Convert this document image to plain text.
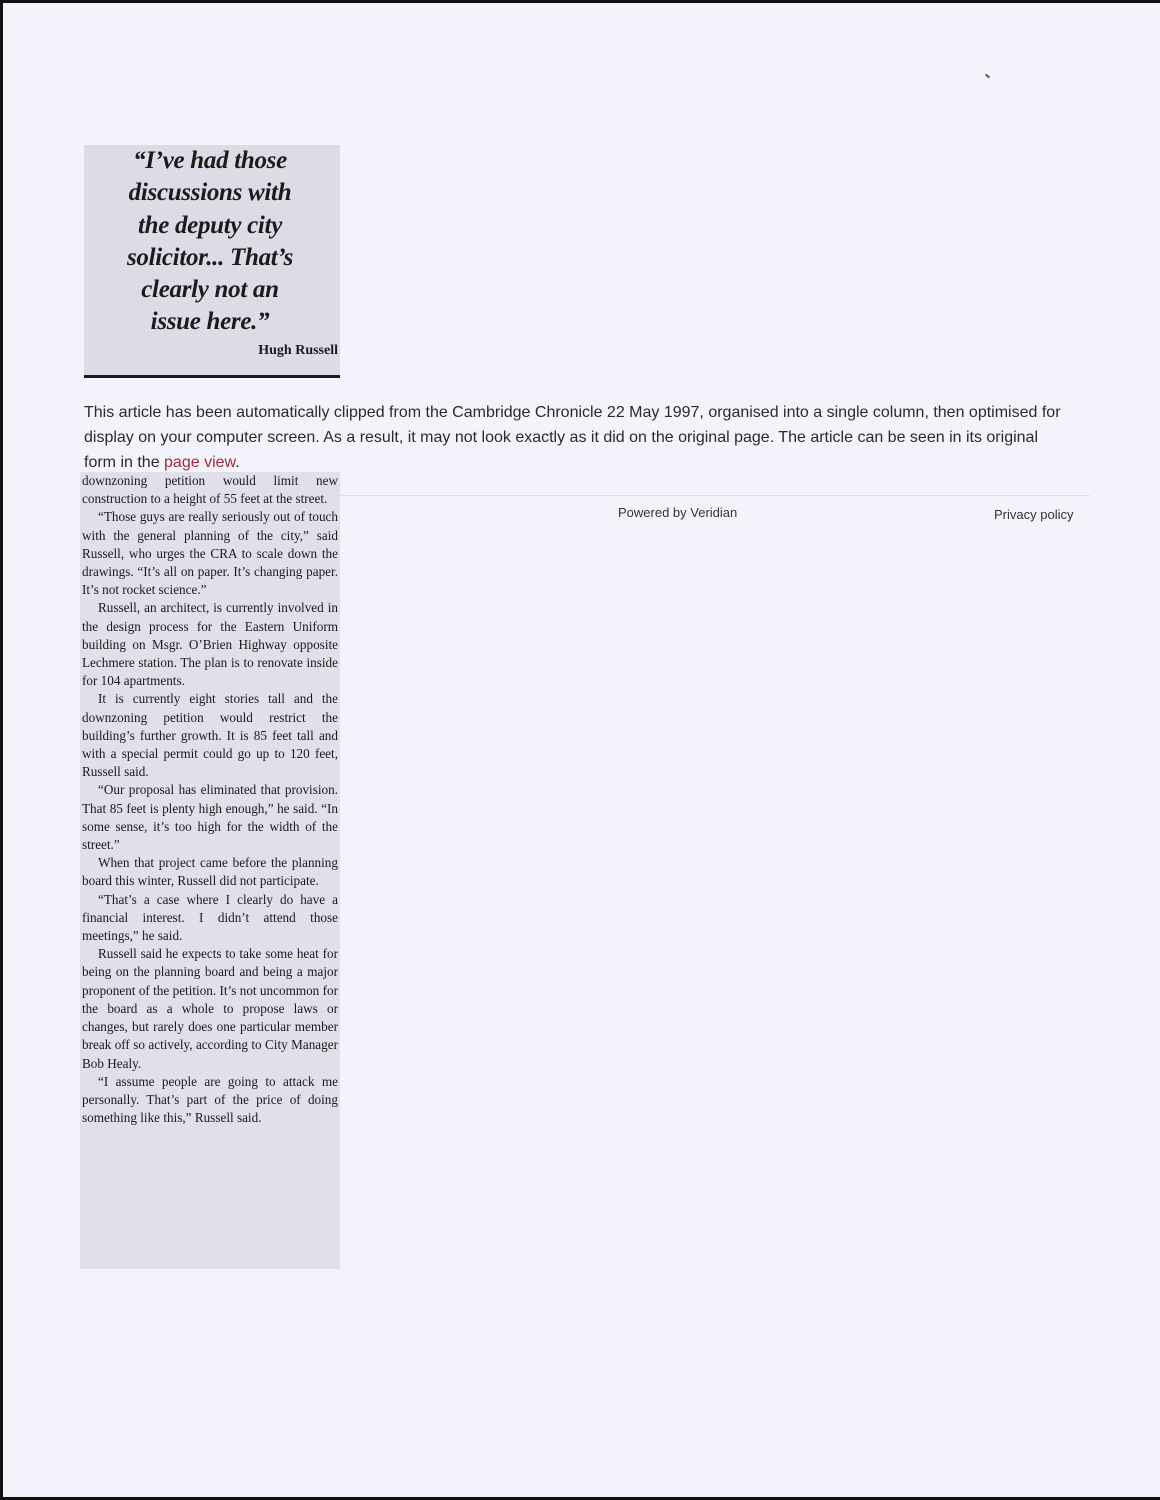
“I’ve had those
discussions with
the deputy city
solicitor... That’s
clearly not an
issue here.”

Hugh Russell

This article has been automatically clipped from the Cambridge Chronicle 22 May 1997, organised into a single column, then optimised for display on your computer screen. As a result, it may not look exactly as it did on the original page. The article can be seen in its original form in the page view.

Powered by Veridian	Privacy policy

downzoning petition would limit new construction to a height of 55 feet at the street.

“Those guys are really seriously out of touch with the general planning of the city,” said Russell, who urges the CRA to scale down the drawings. “It’s all on paper. It’s changing paper. It’s not rocket science.”

Russell, an architect, is currently involved in the design process for the Eastern Uniform building on Msgr. O’Brien Highway opposite Lechmere station. The plan is to renovate inside for 104 apartments.

It is currently eight stories tall and the downzoning petition would restrict the building’s further growth. It is 85 feet tall and with a special permit could go up to 120 feet, Russell said.

“Our proposal has eliminated that provision. That 85 feet is plenty high enough,” he said. “In some sense, it’s too high for the width of the street.”

When that project came before the planning board this winter, Russell did not participate.

“That’s a case where I clearly do have a financial interest. I didn’t attend those meetings,” he said.

Russell said he expects to take some heat for being on the planning board and being a major proponent of the petition. It’s not uncommon for the board as a whole to propose laws or changes, but rarely does one particular member break off so actively, according to City Manager Bob Healy.

“I assume people are going to attack me personally. That’s part of the price of doing something like this,” Russell said.
